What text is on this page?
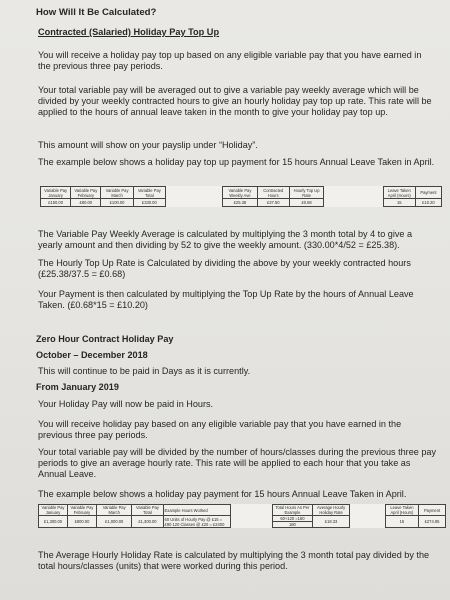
How Will It Be Calculated?
Contracted (Salaried) Holiday Pay Top Up

You will receive a holiday pay top up based on any eligible variable pay that you have earned in the previous three pay periods.

Your total variable pay will be averaged out to give a variable pay weekly average which will be divided by your weekly contracted hours to give an hourly holiday pay top up rate. This rate will be applied to the hours of annual leave taken in the month to give your holiday pay top up.

This amount will show on your payslip under “Holiday”.

The example below shows a holiday pay top up payment for 15 hours Annual Leave Taken in April.

Variable Pay January	Variable Pay February	Variable Pay March	Variable Pay Total		Variable Pay Weekly Ave	Contracted Hours	Hourly Top Up Rate		Leave Taken April (Hours)	Payment
£150.00	£80.00	£100.00	£330.00		£25.38	£37.50	£0.68		15	£10.20

The Variable Pay Weekly Average is calculated by multiplying the 3 month total by 4 to give a yearly amount and then dividing by 52 to give the weekly amount. (330.00*4/52 = £25.38).

The Hourly Top Up Rate is Calculated by dividing the above by your weekly contracted hours (£25.38/37.5 = £0.68)

Your Payment is then calculated by multiplying the Top Up Rate by the hours of Annual Leave Taken. (£0.68*15 = £10.20)

Zero Hour Contract Holiday Pay
October – December 2018

This will continue to be paid in Days as it is currently.

From January 2019

Your Holiday Pay will now be paid in Hours.

You will receive holiday pay based on any eligible variable pay that you have earned in the previous three pay periods.

Your total variable pay will be divided by the number of hours/classes during the previous three pay periods to give an average hourly rate. This rate will be applied to each hour that you take as Annual Leave.

The example below shows a holiday pay payment for 15 hours Annual Leave Taken in April.

Variable Pay January	Variable Pay February	Variable Pay March	Variable Pay Total	Example Hours Worked		Total Hours As Per Example	Average Hourly Holiday Rate		Leave Taken April (Hours)	Payment
£1,300.00	£800.00	£1,000.00	£1,300.00	60 Units of Hourly Pay @ £15 = £90 120 Classes @ £20 = £2400		60+120 =180	£18.33		15	£274.95
						180				

The Average Hourly Holiday Rate is calculated by multiplying the 3 month total pay divided by the total hours/classes (units) that were worked during this period.
